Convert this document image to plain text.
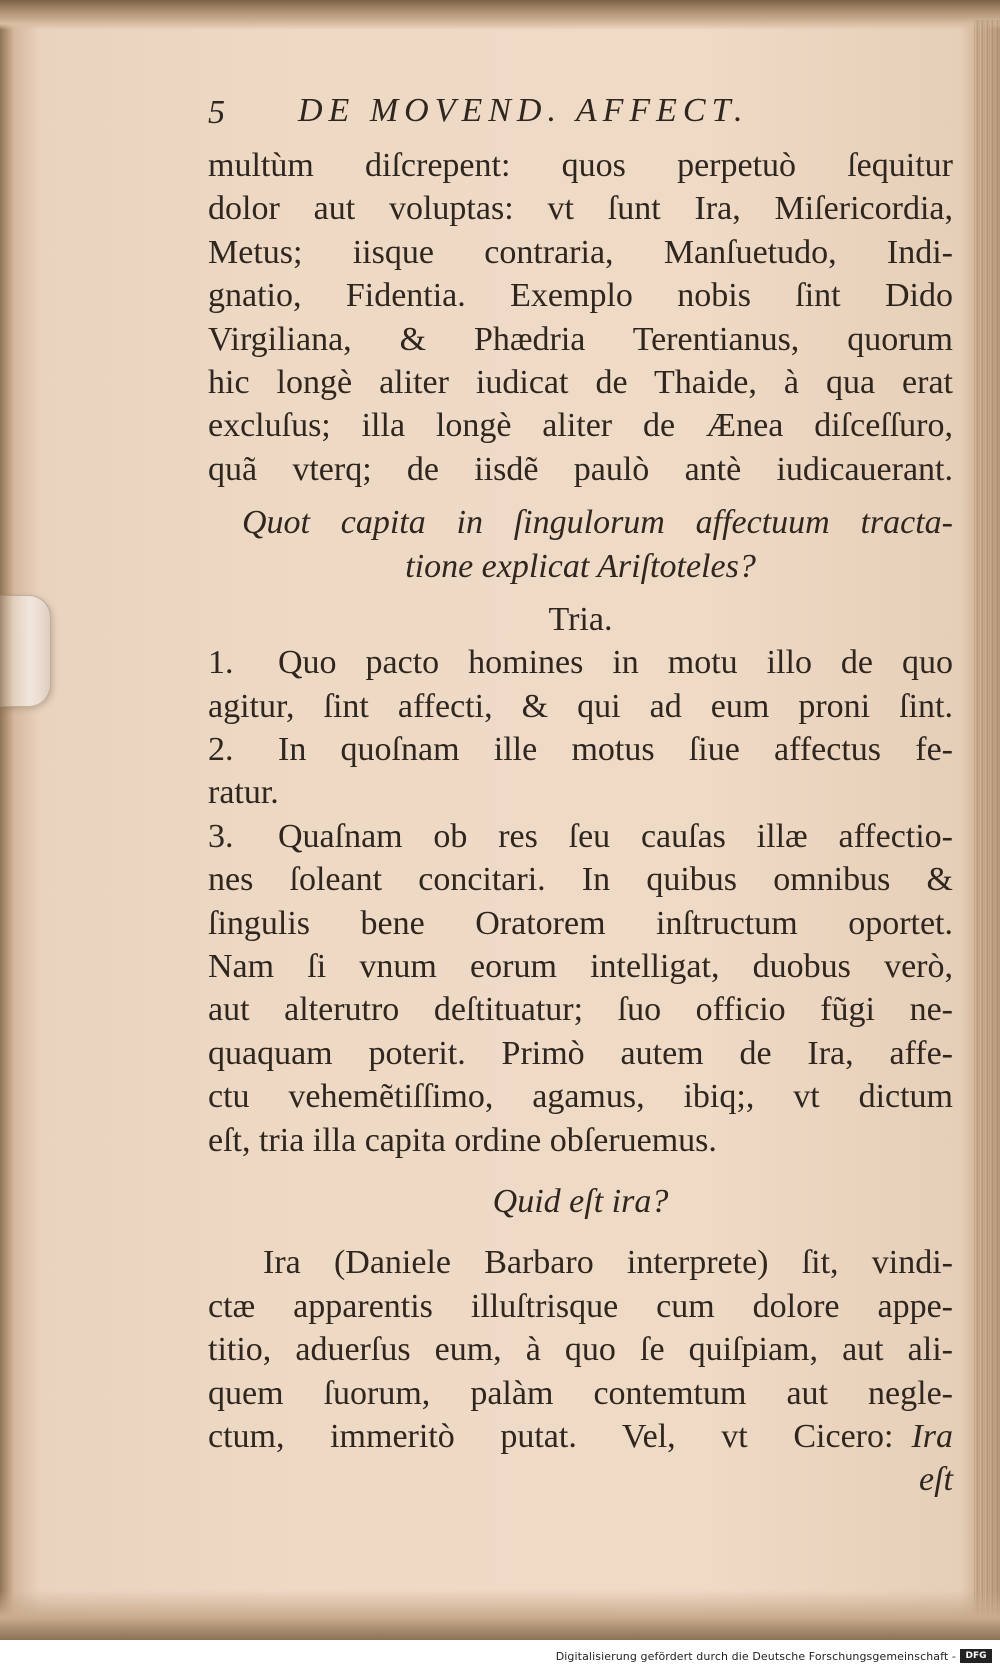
5 DE MOVEND. AFFECT.
multùm diſcrepent: quos perpetuò ſequitur
dolor aut voluptas: vt ſunt Ira, Miſericordia,
Metus; iisque contraria, Manſuetudo, Indi-
gnatio, Fidentia. Exemplo nobis ſint Dido
Virgiliana, & Phædria Terentianus, quorum
hic longè aliter iudicat de Thaide, à qua erat
excluſus; illa longè aliter de Ænea diſceſſuro,
quã vterq; de iisdẽ paulò antè iudicauerant.
Quot capita in ſingulorum affectuum tracta-
tione explicat Ariſtoteles?
Tria.
1.	Quo pacto homines in motu illo de quo
agitur, ſint affecti, & qui ad eum proni ſint.
2.	In quoſnam ille motus ſiue affectus fe-
ratur.
3.	Quaſnam ob res ſeu cauſas illæ affectio-
nes ſoleant concitari. In quibus omnibus &
ſingulis bene Oratorem inſtructum oportet.
Nam ſi vnum eorum intelligat, duobus verò,
aut alterutro deſtituatur; ſuo officio fũgi ne-
quaquam poterit. Primò autem de Ira, affe-
ctu vehemẽtiſſimo, agamus, ibiq;, vt dictum
eſt, tria illa capita ordine obſeruemus.
Quid eſt ira?
Ira (Daniele Barbaro interprete) ſit, vindi-
ctæ apparentis illuſtrisque cum dolore appe-
titio, aduerſus eum, à quo ſe quiſpiam, aut ali-
quem ſuorum, palàm contemtum aut negle-
ctum, immeritò putat. Vel, vt Cicero: Ira
eſt
Digitalisierung gefördert durch die Deutsche Forschungsgemeinschaft -	DFG
